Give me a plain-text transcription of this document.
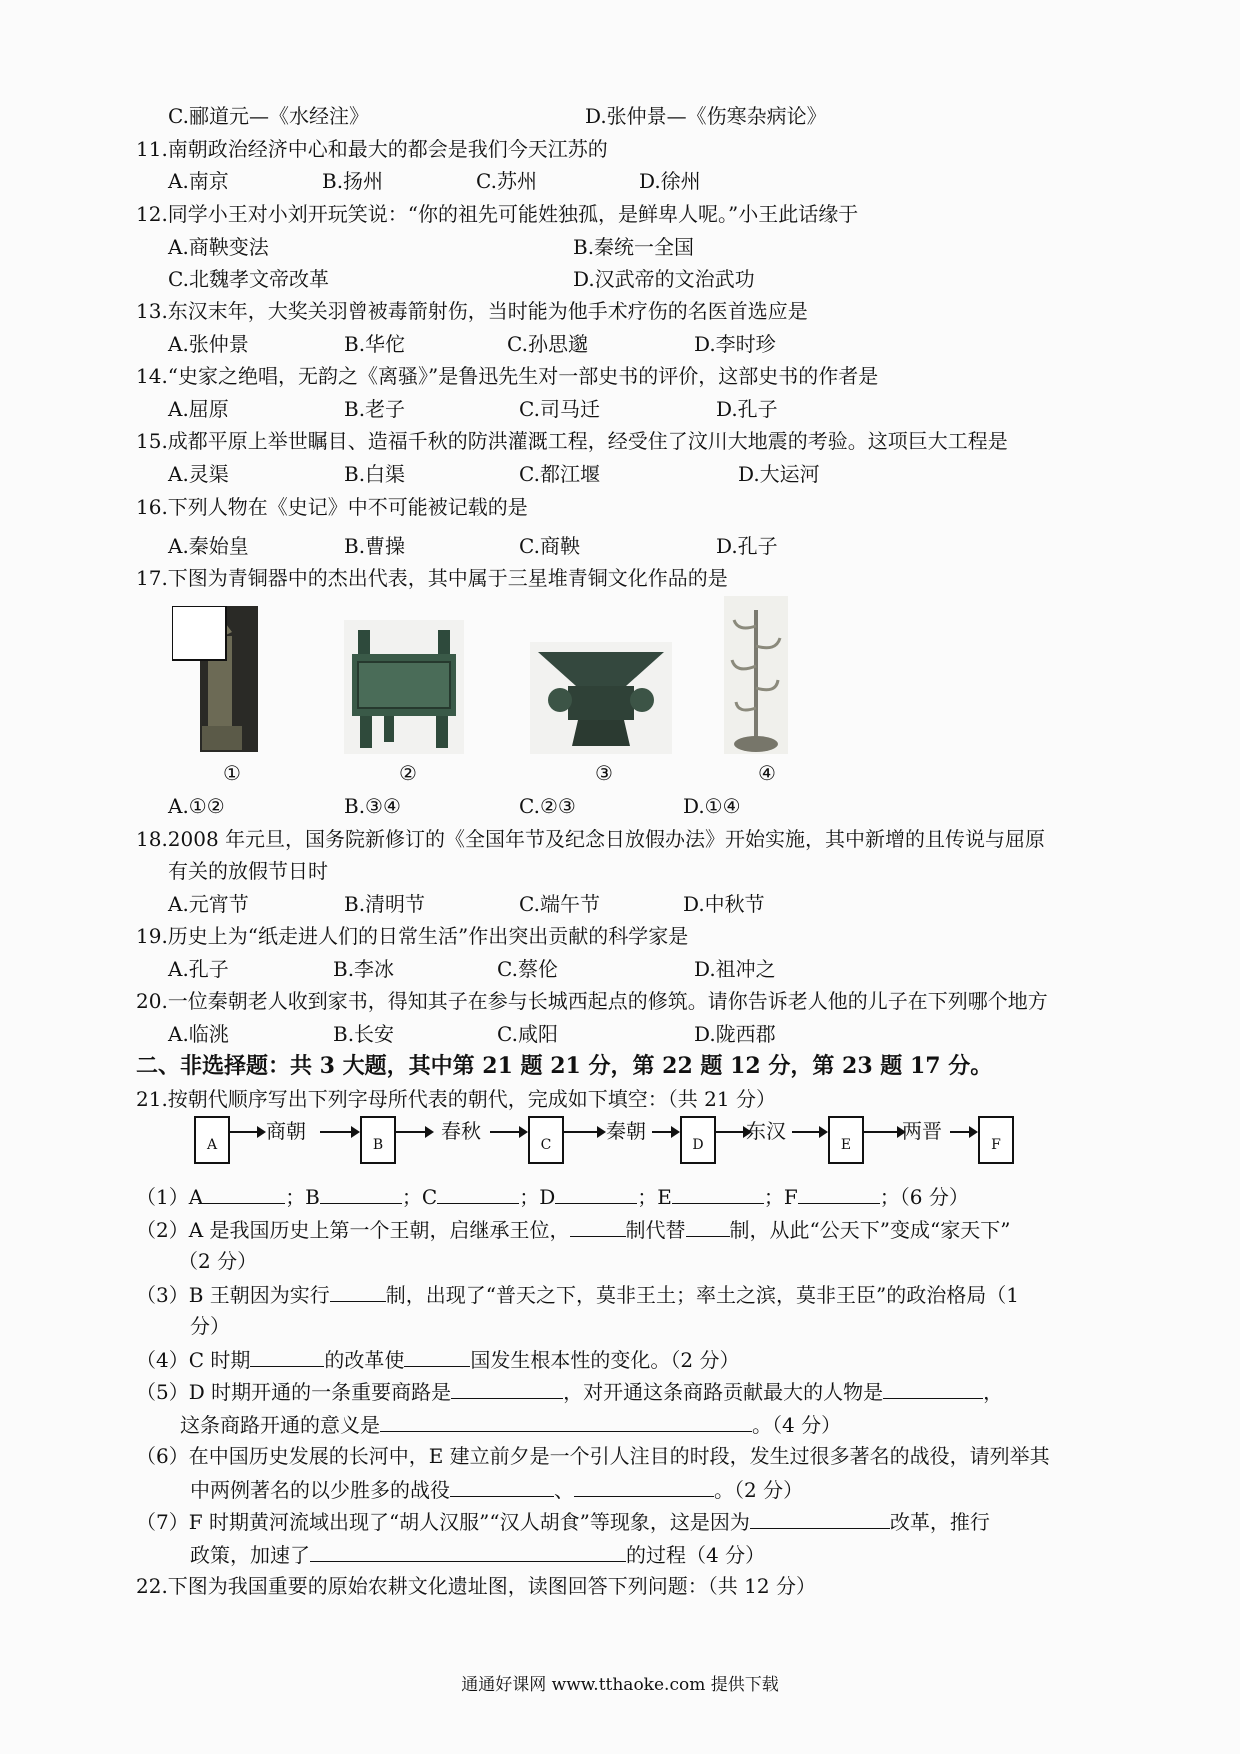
C.郦道元—《水经注》	D.张仲景—《伤寒杂病论》
11.南朝政治经济中心和最大的都会是我们今天江苏的
A.南京	B.扬州	C.苏州	D.徐州
12.同学小王对小刘开玩笑说：“你的祖先可能姓独孤，是鲜卑人呢。”小王此话缘于
A.商鞅变法	B.秦统一全国
C.北魏孝文帝改革	D.汉武帝的文治武功
13.东汉末年，大奖关羽曾被毒箭射伤，当时能为他手术疗伤的名医首选应是
A.张仲景	B.华佗	C.孙思邈	D.李时珍
14.“史家之绝唱，无韵之《离骚》”是鲁迅先生对一部史书的评价，这部史书的作者是
A.屈原	B.老子	C.司马迁	D.孔子
15.成都平原上举世瞩目、造福千秋的防洪灌溉工程，经受住了汶川大地震的考验。这项巨大工程是
A.灵渠	B.白渠	C.都江堰	D.大运河
16.下列人物在《史记》中不可能被记载的是
A.秦始皇	B.曹操	C.商鞅	D.孔子
17.下图为青铜器中的杰出代表，其中属于三星堆青铜文化作品的是
①	②	③	④
A.①②	B.③④	C.②③	D.①④
18.2008 年元旦，国务院新修订的《全国年节及纪念日放假办法》开始实施，其中新增的且传说与屈原
有关的放假节日时
A.元宵节	B.清明节	C.端午节	D.中秋节
19.历史上为“纸走进人们的日常生活”作出突出贡献的科学家是
A.孔子	B.李冰	C.蔡伦	D.祖冲之
20.一位秦朝老人收到家书，得知其子在参与长城西起点的修筑。请你告诉老人他的儿子在下列哪个地方
A.临洮	B.长安	C.咸阳	D.陇西郡
二、非选择题：共 3 大题，其中第 21 题 21 分，第 22 题 12 分，第 23 题 17 分。
21.按朝代顺序写出下列字母所代表的朝代，完成如下填空：（共 21 分）
A
商朝
B
春秋
C
秦朝
D
东汉
E
两晋
F
（1）A	；B	；C	；D	；E	；F	；（6 分）
（2）A 是我国历史上第一个王朝，启继承王位，	制代替 制，从此“公天下”变成“家天下”
（2 分）
（3）B 王朝因为实行	制，出现了“普天之下，莫非王土；率土之滨，莫非王臣”的政治格局（1
分）
（4）C 时期	的改革使	国发生根本性的变化。（2 分）
（5）D 时期开通的一条重要商路是	，对开通这条商路贡献最大的人物是	，
这条商路开通的意义是	。（4 分）
（6）在中国历史发展的长河中，E 建立前夕是一个引人注目的时段，发生过很多著名的战役，请列举其
中两例著名的以少胜多的战役	、	。（2 分）
（7）F 时期黄河流域出现了“胡人汉服”“汉人胡食”等现象，这是因为	改革，推行
政策，加速了	的过程（4 分）
22.下图为我国重要的原始农耕文化遗址图，读图回答下列问题：（共 12 分）
通通好课网 www.tthaoke.com 提供下载
